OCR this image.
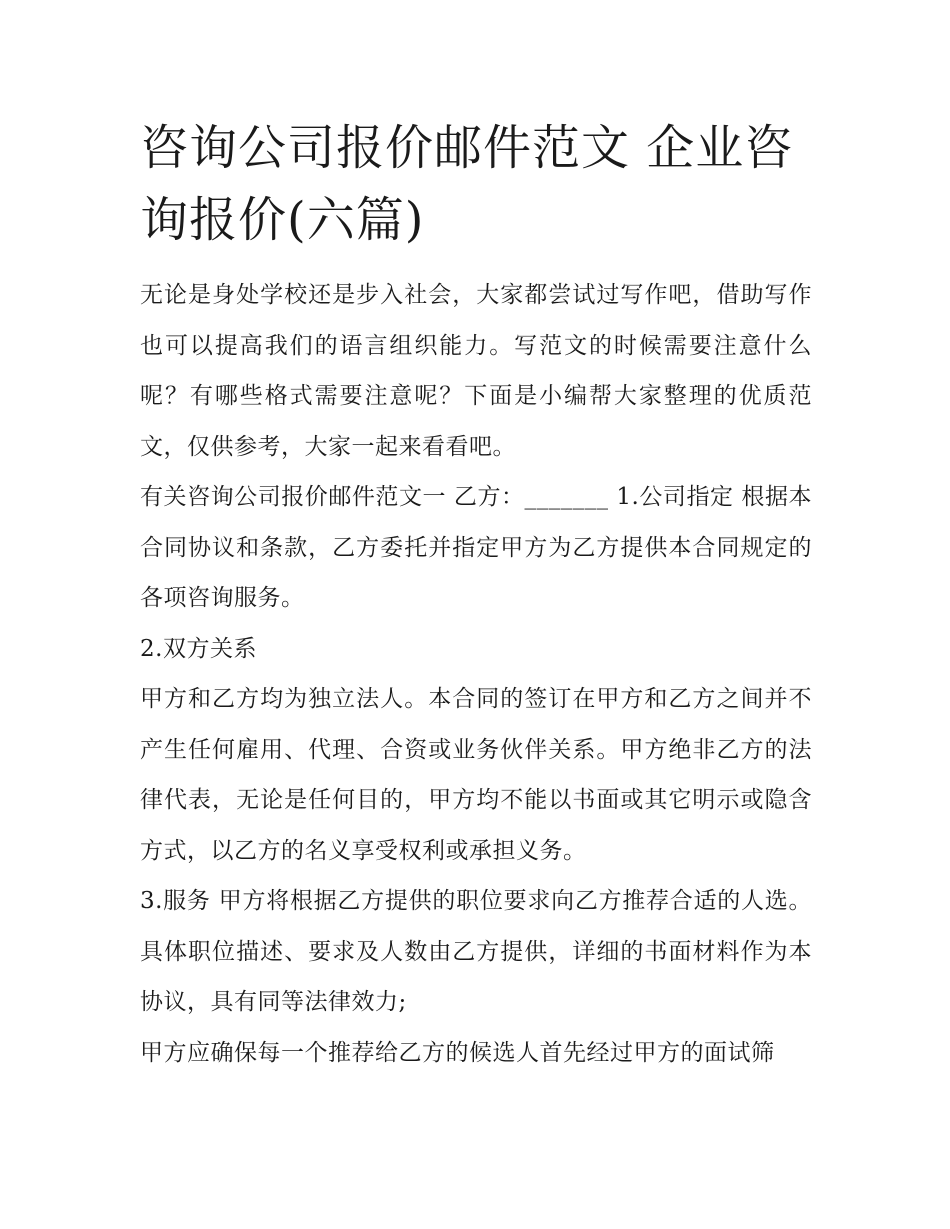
咨询公司报价邮件范文 企业咨询报价(六篇)

无论是身处学校还是步入社会，大家都尝试过写作吧，借助写作也可以提高我们的语言组织能力。写范文的时候需要注意什么呢？有哪些格式需要注意呢？下面是小编帮大家整理的优质范文，仅供参考，大家一起来看看吧。

有关咨询公司报价邮件范文一 乙方：_______ 1.公司指定 根据本合同协议和条款，乙方委托并指定甲方为乙方提供本合同规定的各项咨询服务。

2.双方关系

甲方和乙方均为独立法人。本合同的签订在甲方和乙方之间并不产生任何雇用、代理、合资或业务伙伴关系。甲方绝非乙方的法律代表，无论是任何目的，甲方均不能以书面或其它明示或隐含方式，以乙方的名义享受权利或承担义务。

3.服务 甲方将根据乙方提供的职位要求向乙方推荐合适的人选。具体职位描述、要求及人数由乙方提供，详细的书面材料作为本协议，具有同等法律效力;

甲方应确保每一个推荐给乙方的候选人首先经过甲方的面试筛
